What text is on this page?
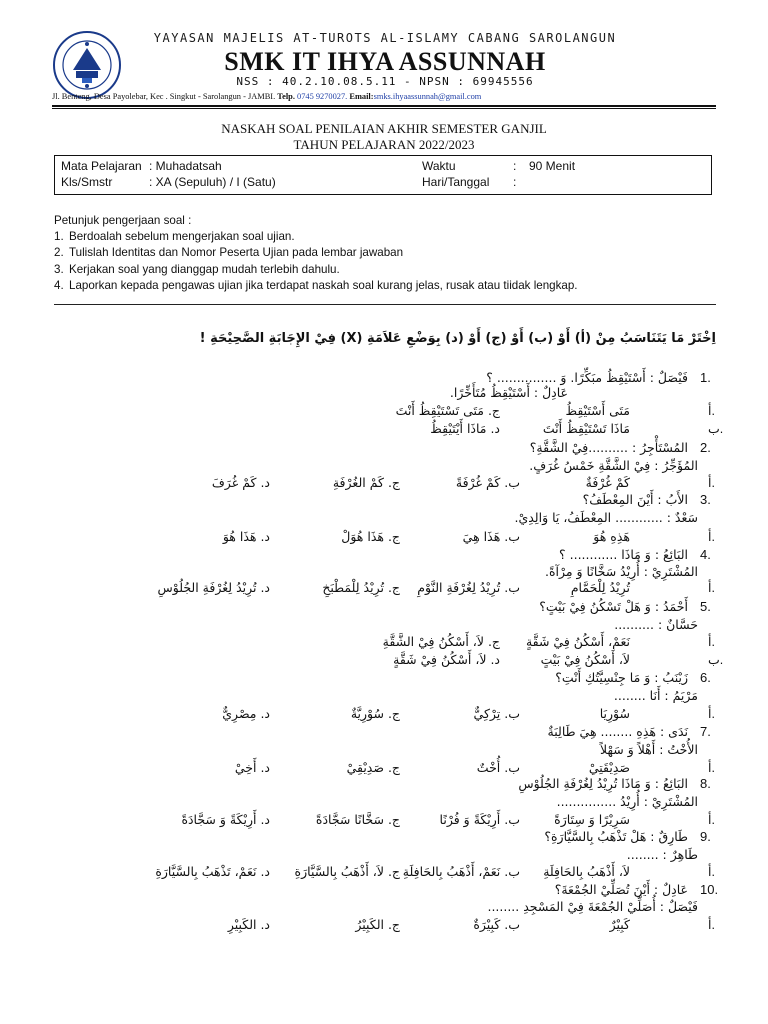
YAYASAN MAJELIS AT-TUROTS AL-ISLAMY CABANG SAROLANGUN
SMK IT IHYA ASSUNNAH
NSS : 40.2.10.08.5.11 - NPSN : 69945556
Jl. Benteng, Desa Payolebar, Kec . Singkut - Sarolangun - JAMBI. Telp. 0745 9270027. Email:smks.ihyaassunnah@gmail.com
NASKAH SOAL PENILAIAN AKHIR SEMESTER GANJIL
TAHUN PELAJARAN 2022/2023
Mata Pelajaran : Muhadatsah
Kls/Smstr	: XA (Sepuluh) / I (Satu)
Waktu	: 90 Menit
Hari/Tanggal :
Petunjuk pengerjaan soal :
1. Berdoalah sebelum mengerjakan soal ujian.
2. Tulislah Identitas dan Nomor Peserta Ujian pada lembar jawaban
3. Kerjakan soal yang dianggap mudah terlebih dahulu.
4. Laporkan kepada pengawas ujian jika terdapat naskah soal kurang jelas, rusak atau tiidak lengkap.
اِخْتَرْ مَا يَتَنَاسَبُ مِنْ (أ) أَوْ (ب) أَوْ (ج) أَوْ (د) بِوَضْعِ عَلاَمَةِ (X) فِيْ الإِجَابَةِ الصَّحِيْحَةِ !
1.
فَيْصَلٌ : أَسْتَيْقِظُ مبَكِّرًا. وَ ............... ؟
عَادِلٌ : أَسْتَيْقِظُ مُتَأَخِّرًا.
أ.
مَتَى أَسْتَيْقِظُ
ج. مَتَى تَسْتَيْقِظُ أَنْتَ
ب.
مَاذَا تَسْتَيْقِظُ أَنْتَ
د. مَاذَا أَيْتَيْقِظُ
2.
المُسْتَأْجِرُ : ..........فِيْ الشَّقَّةِ؟
المُؤَجِّرُ : فِيْ الشَّقَّةِ خَمْسُ غُرَفٍ.
أ.
كَمْ غُرْفَةٌ
ب. كَمْ غُرْفَةً
ج. كَمْ الغُرْفَةِ
د. كَمْ غُرَفَ
3.
الأَبُ : أَيْنَ المِعْطَفُ؟
سَعْدٌ : ............ المِعْطَفُ، يَا وَالِدِيْ.
أ.
هَذِهِ هُوَ
ب. هَذَا هِيَ
ج. هَذَا هُوَلْ
د. هَذَا هُوَ
4.
البَائِعُ : وَ مَاذَا ............ ؟
المُشْتَرِيْ : أُرِيْدُ سَخَّانًا وَ مِرْآةً.
أ.
تُرِيْدُ لِلْحَمَّامِ
ب. تُرِيْدُ لِغُرْفَةِ النَّوْمِ
ج. تُرِيْدُ لِلْمَطْبَخِ
د. تُرِيْدُ لِغُرْفَةِ الجُلُوْسِ
5.
أَحْمَدُ : وَ هَلْ تَسْكُنُ فِيْ بَيْتٍ؟
حَسَّانٌ : ..........
أ.
نَعَمْ، أَسْكُنُ فِيْ شَقَّةٍ
ج. لاَ، أَسْكُنُ فِيْ الشَّقَّةِ
ب.
لاَ، أَسْكُنُ فِيْ بَيْتٍ
د. لاَ، أَسْكُنُ فِيْ شَقَّةٍ
6.
زَيْنَبُ : وَ مَا جِنْسِيَّتُكِ أَنْتِ؟
مَرْيَمُ : أَنَا ........
أ.
سُوْرِيَا
ب. تِرْكِيٌّ
ج. سُوْرِيَّةٌ
د. مِصْرِيٌّ
7.
نَدَى : هَذِهِ ........ هِيَ طَالِبَةٌ
الأُخْتُ : أَهْلاً وَ سَهْلاً
أ.
صَدِيْقَتِيْ
ب. أُخْتٌ
ج. صَدِيْقِيْ
د. أَخِيْ
8.
البَائِعُ : وَ مَاذَا تُرِيْدُ لِغُرْفَةِ الجُلُوْسِ
المُشْتَرِيْ : أُرِيْدُ ...............
أ.
سَرِيْرًا وَ سِتَارَةً
ب. أَرِيْكَةً وَ فُرْنًا
ج. سَخَّانًا سَجَّادَةً
د. أَرِيْكَةً وَ سَجَّادَةً
9.
طَارِقٌ : هَلْ تَذْهَبُ بِالسَّيَّارَةِ؟
طَاهِرٌ : ........
أ.
لاَ، أَذْهَبُ بِالحَافِلَةِ
ب. نَعَمْ، أَذْهَبُ بِالحَافِلَةِ
ج. لاَ، أَذْهَبُ بِالسَّيَّارَةِ
د. نَعَمْ، تَذْهَبُ بِالسَّيَّارَةِ
10.
عَادِلٌ : أَيْنَ تُصَلِّيْ الجُمْعَةَ؟
فَيْصَلٌ : أُصَلِّيْ الجُمْعَةَ فِيْ المَسْجِدِ ........
أ.
كَبِيْرٌ
ب. كَبِيْرَةٌ
ج. الكَبِيْرُ
د. الكَبِيْرِ
